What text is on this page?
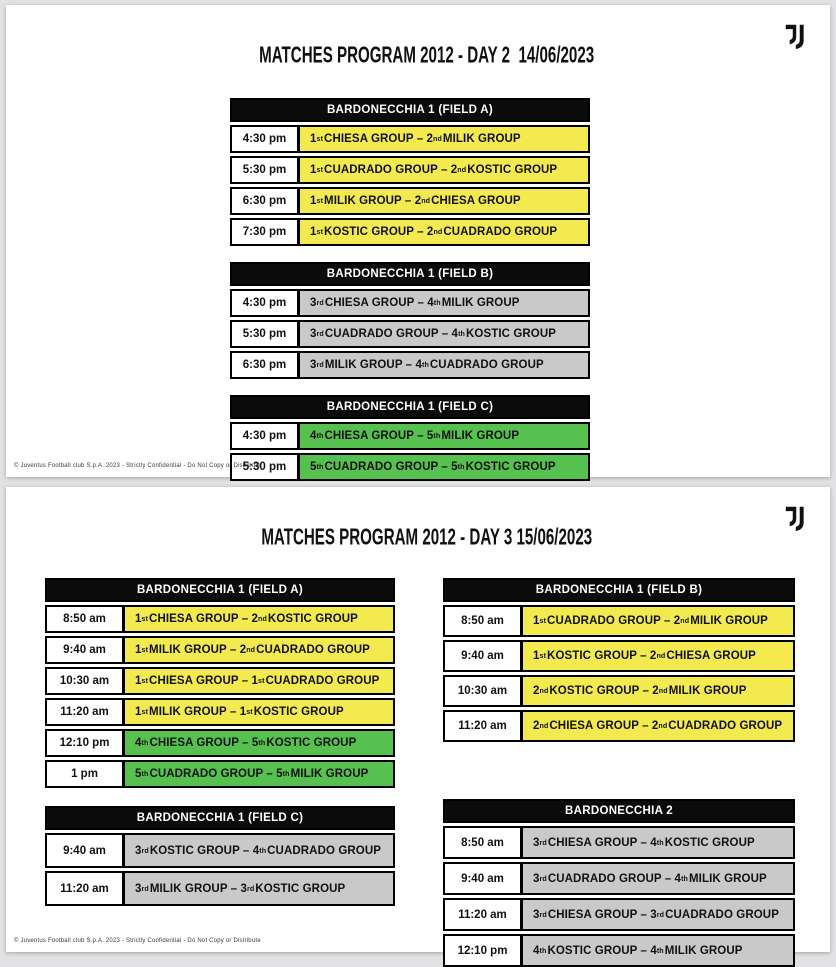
MATCHES PROGRAM 2012 - DAY 2  14/06/2023

BARDONECCHIA 1 (FIELD A)
4:30 pm	1 st CHIESA GROUP – 2 nd MILIK GROUP
5:30 pm	1 st CUADRADO GROUP – 2 nd KOSTIC GROUP
6:30 pm	1 st MILIK GROUP – 2 nd CHIESA GROUP
7:30 pm	1 st KOSTIC GROUP – 2 nd CUADRADO GROUP
BARDONECCHIA 1 (FIELD B)
4:30 pm	3 rd CHIESA GROUP – 4 th MILIK GROUP
5:30 pm	3 rd CUADRADO GROUP – 4 th KOSTIC GROUP
6:30 pm	3 rd MILIK GROUP – 4 th CUADRADO GROUP
BARDONECCHIA 1 (FIELD C)
4:30 pm	4 th CHIESA GROUP – 5 th MILIK GROUP
5:30 pm	5 th CUADRADO GROUP – 5 th KOSTIC GROUP
© Juventus Football club S.p.A. 2023 - Strictly Confidential - Do Not Copy or Distribute

MATCHES PROGRAM 2012 - DAY 3 15/06/2023

BARDONECCHIA 1 (FIELD A)
8:50 am	1 st CHIESA GROUP – 2 nd KOSTIC GROUP
9:40 am	1 st MILIK GROUP – 2 nd CUADRADO GROUP
10:30 am	1 st CHIESA GROUP – 1 st CUADRADO GROUP
11:20 am	1 st MILIK GROUP – 1 st KOSTIC GROUP
12:10 pm	4 th CHIESA GROUP – 5 th KOSTIC GROUP
1 pm	5 th CUADRADO GROUP – 5 th MILIK GROUP
BARDONECCHIA 1 (FIELD C)
9:40 am	3 rd KOSTIC GROUP – 4 th CUADRADO GROUP
11:20 am	3 rd MILIK GROUP – 3 rd KOSTIC GROUP
BARDONECCHIA 1 (FIELD B)
8:50 am	1 st CUADRADO GROUP – 2 nd MILIK GROUP
9:40 am	1 st KOSTIC GROUP – 2 nd CHIESA GROUP
10:30 am	2 nd KOSTIC GROUP – 2 nd MILIK GROUP
11:20 am	2 nd CHIESA GROUP – 2 nd CUADRADO GROUP
BARDONECCHIA 2
8:50 am	3 rd CHIESA GROUP – 4 th KOSTIC GROUP
9:40 am	3 rd CUADRADO GROUP – 4 th MILIK GROUP
11:20 am	3 rd CHIESA GROUP – 3 rd CUADRADO GROUP
12:10 pm	4 th KOSTIC GROUP – 4 th MILIK GROUP
© Juventus Football club S.p.A. 2023 - Strictly Confidential - Do Not Copy or Distribute
